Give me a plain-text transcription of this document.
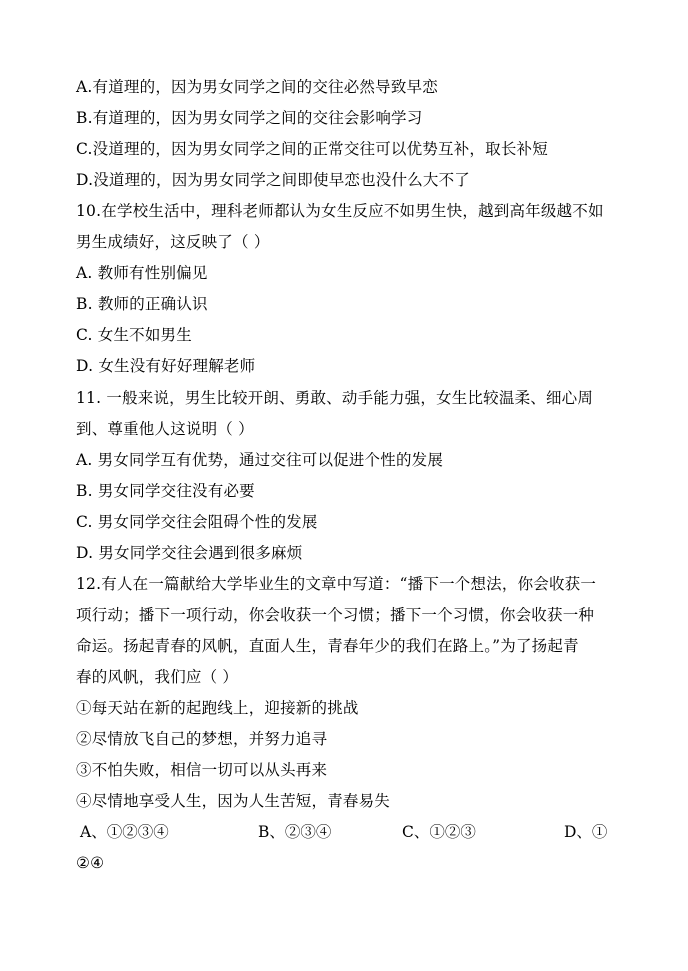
A.有道理的，因为男女同学之间的交往必然导致早恋
B.有道理的，因为男女同学之间的交往会影响学习
C.没道理的，因为男女同学之间的正常交往可以优势互补，取长补短
D.没道理的，因为男女同学之间即使早恋也没什么大不了
10.在学校生活中，理科老师都认为女生反应不如男生快，越到高年级越不如
男生成绩好，这反映了（ ）
A. 教师有性别偏见
B. 教师的正确认识
C. 女生不如男生
D. 女生没有好好理解老师
11. 一般来说，男生比较开朗、勇敢、动手能力强，女生比较温柔、细心周
到、尊重他人这说明（ ）
A. 男女同学互有优势，通过交往可以促进个性的发展
B. 男女同学交往没有必要
C. 男女同学交往会阻碍个性的发展
D. 男女同学交往会遇到很多麻烦
12.有人在一篇献给大学毕业生的文章中写道：“播下一个想法，你会收获一
项行动；播下一项行动，你会收获一个习惯；播下一个习惯，你会收获一种
命运。扬起青春的风帆，直面人生，青春年少的我们在路上。”为了扬起青
春的风帆，我们应（ ）
①每天站在新的起跑线上，迎接新的挑战
②尽情放飞自己的梦想，并努力追寻
③不怕失败，相信一切可以从头再来
④尽情地享受人生，因为人生苦短，青春易失
A、①②③④	B、②③④	C、①②③	D、①
②④
